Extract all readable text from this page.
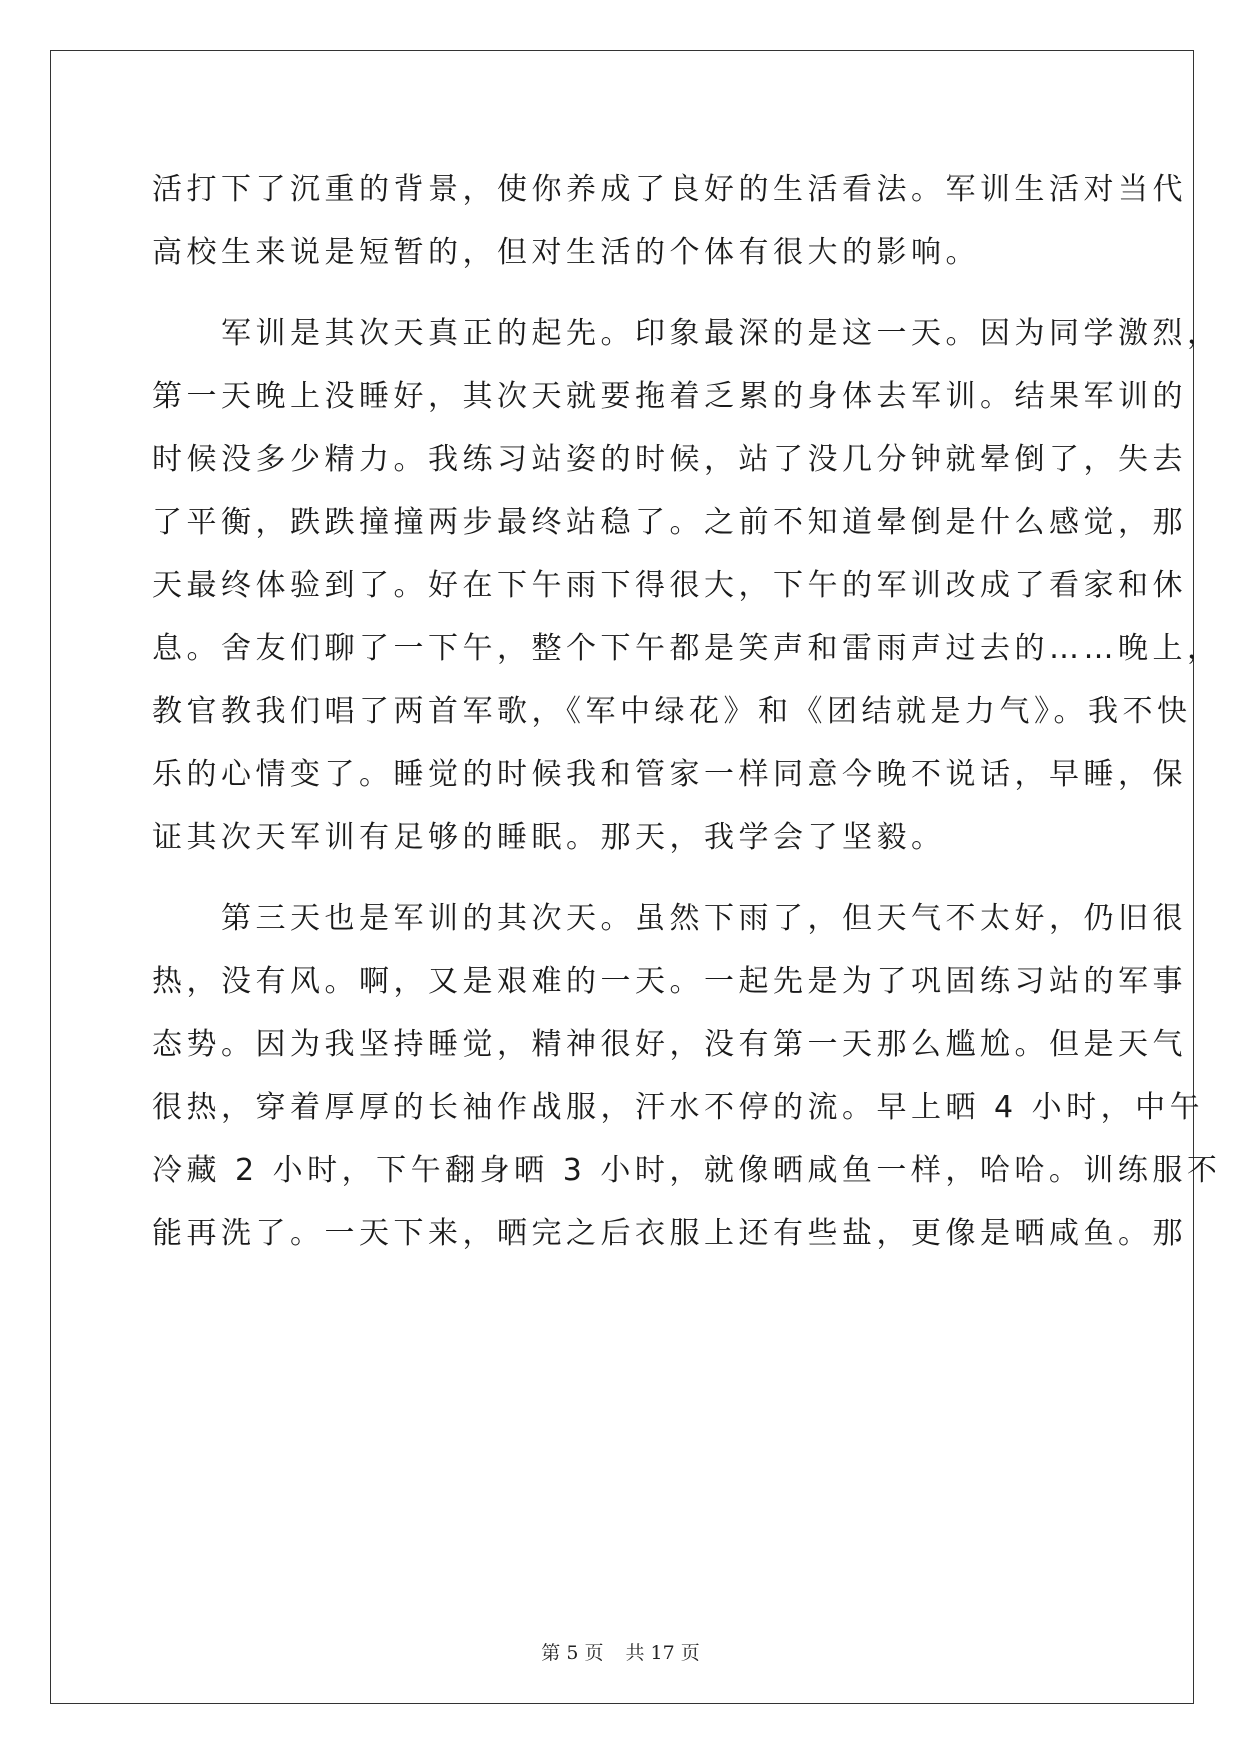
活打下了沉重的背景，使你养成了良好的生活看法。军训生活对当代
高校生来说是短暂的，但对生活的个体有很大的影响。
　　军训是其次天真正的起先。印象最深的是这一天。因为同学激烈，
第一天晚上没睡好，其次天就要拖着乏累的身体去军训。结果军训的
时候没多少精力。我练习站姿的时候，站了没几分钟就晕倒了，失去
了平衡，跌跌撞撞两步最终站稳了。之前不知道晕倒是什么感觉，那
天最终体验到了。好在下午雨下得很大，下午的军训改成了看家和休
息。舍友们聊了一下午，整个下午都是笑声和雷雨声过去的……晚上，
教官教我们唱了两首军歌，《军中绿花》和《团结就是力气》。我不快
乐的心情变了。睡觉的时候我和管家一样同意今晚不说话，早睡，保
证其次天军训有足够的睡眠。那天，我学会了坚毅。
　　第三天也是军训的其次天。虽然下雨了，但天气不太好，仍旧很
热，没有风。啊，又是艰难的一天。一起先是为了巩固练习站的军事
态势。因为我坚持睡觉，精神很好，没有第一天那么尴尬。但是天气
很热，穿着厚厚的长袖作战服，汗水不停的流。早上晒 4 小时，中午
冷藏 2 小时，下午翻身晒 3 小时，就像晒咸鱼一样，哈哈。训练服不
能再洗了。一天下来，晒完之后衣服上还有些盐，更像是晒咸鱼。那
第 5 页 共 17 页
